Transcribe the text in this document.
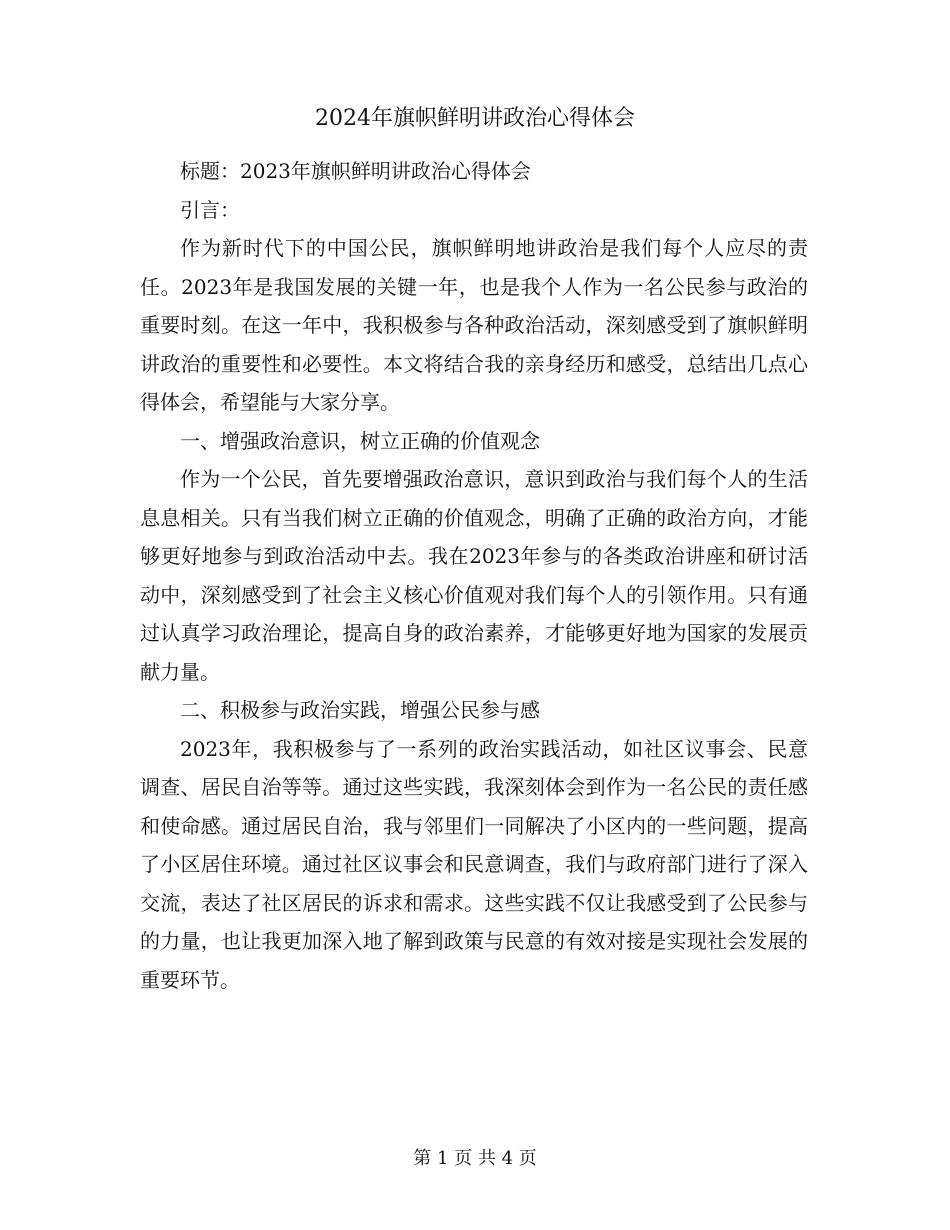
2024年旗帜鲜明讲政治心得体会

标题：2023年旗帜鲜明讲政治心得体会

引言：

作为新时代下的中国公民，旗帜鲜明地讲政治是我们每个人应尽的责任。2023年是我国发展的关键一年，也是我个人作为一名公民参与政治的重要时刻。在这一年中，我积极参与各种政治活动，深刻感受到了旗帜鲜明讲政治的重要性和必要性。本文将结合我的亲身经历和感受，总结出几点心得体会，希望能与大家分享。

一、增强政治意识，树立正确的价值观念

作为一个公民，首先要增强政治意识，意识到政治与我们每个人的生活息息相关。只有当我们树立正确的价值观念，明确了正确的政治方向，才能够更好地参与到政治活动中去。我在2023年参与的各类政治讲座和研讨活动中，深刻感受到了社会主义核心价值观对我们每个人的引领作用。只有通过认真学习政治理论，提高自身的政治素养，才能够更好地为国家的发展贡献力量。

二、积极参与政治实践，增强公民参与感

2023年，我积极参与了一系列的政治实践活动，如社区议事会、民意调查、居民自治等等。通过这些实践，我深刻体会到作为一名公民的责任感和使命感。通过居民自治，我与邻里们一同解决了小区内的一些问题，提高了小区居住环境。通过社区议事会和民意调查，我们与政府部门进行了深入交流，表达了社区居民的诉求和需求。这些实践不仅让我感受到了公民参与的力量，也让我更加深入地了解到政策与民意的有效对接是实现社会发展的重要环节。

第 1 页 共 4 页
